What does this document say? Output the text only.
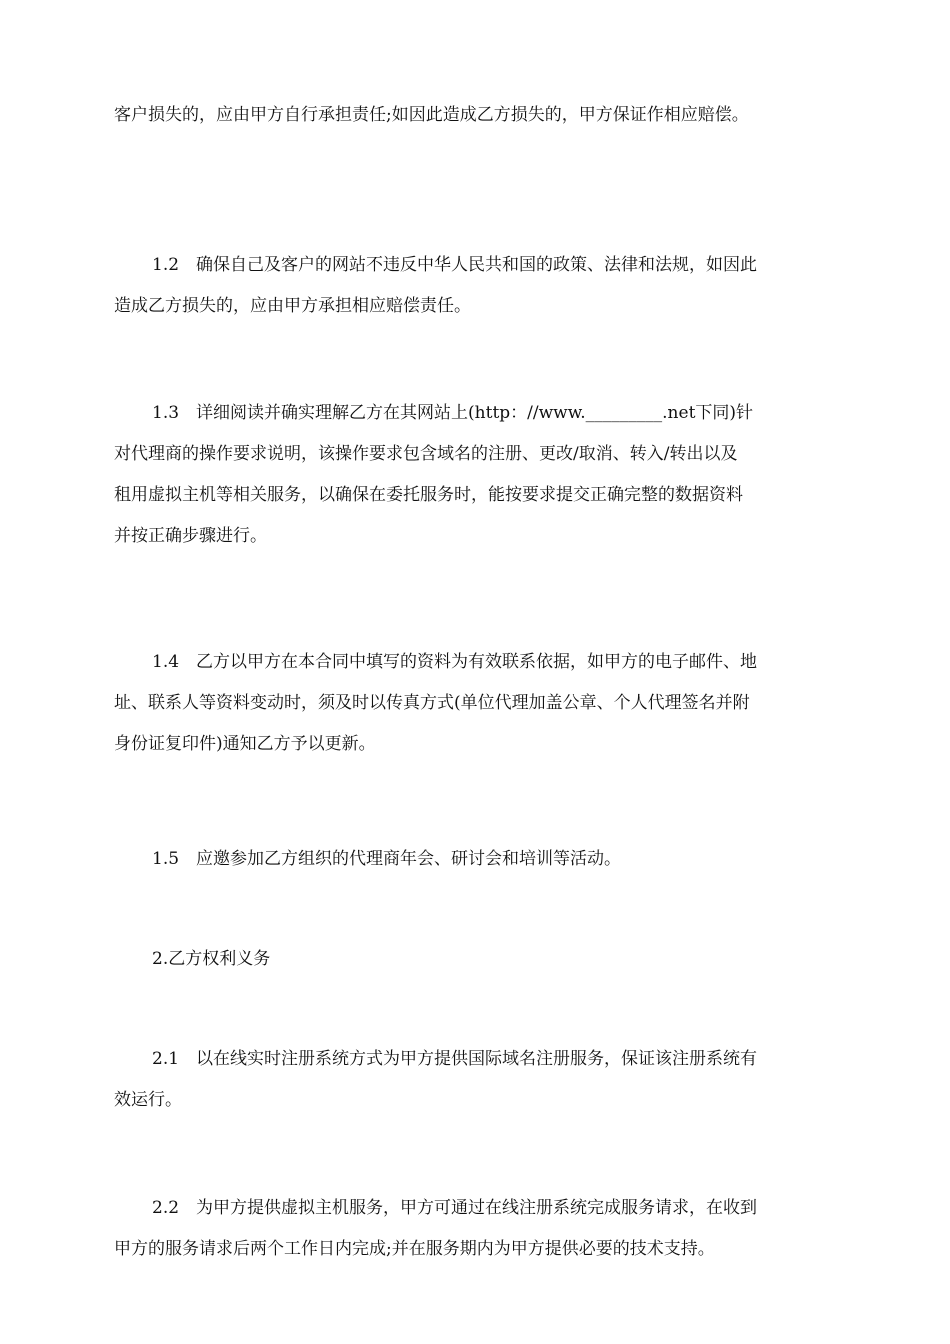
客户损失的，应由甲方自行承担责任;如因此造成乙方损失的，甲方保证作相应赔偿。
1.2　确保自己及客户的网站不违反中华人民共和国的政策、法律和法规，如因此
造成乙方损失的，应由甲方承担相应赔偿责任。
1.3　详细阅读并确实理解乙方在其网站上(http：//www._________.net下同)针
对代理商的操作要求说明，该操作要求包含域名的注册、更改/取消、转入/转出以及
租用虚拟主机等相关服务，以确保在委托服务时，能按要求提交正确完整的数据资料
并按正确步骤进行。
1.4　乙方以甲方在本合同中填写的资料为有效联系依据，如甲方的电子邮件、地
址、联系人等资料变动时，须及时以传真方式(单位代理加盖公章、个人代理签名并附
身份证复印件)通知乙方予以更新。
1.5　应邀参加乙方组织的代理商年会、研讨会和培训等活动。
2.乙方权利义务
2.1　以在线实时注册系统方式为甲方提供国际域名注册服务，保证该注册系统有
效运行。
2.2　为甲方提供虚拟主机服务，甲方可通过在线注册系统完成服务请求，在收到
甲方的服务请求后两个工作日内完成;并在服务期内为甲方提供必要的技术支持。
